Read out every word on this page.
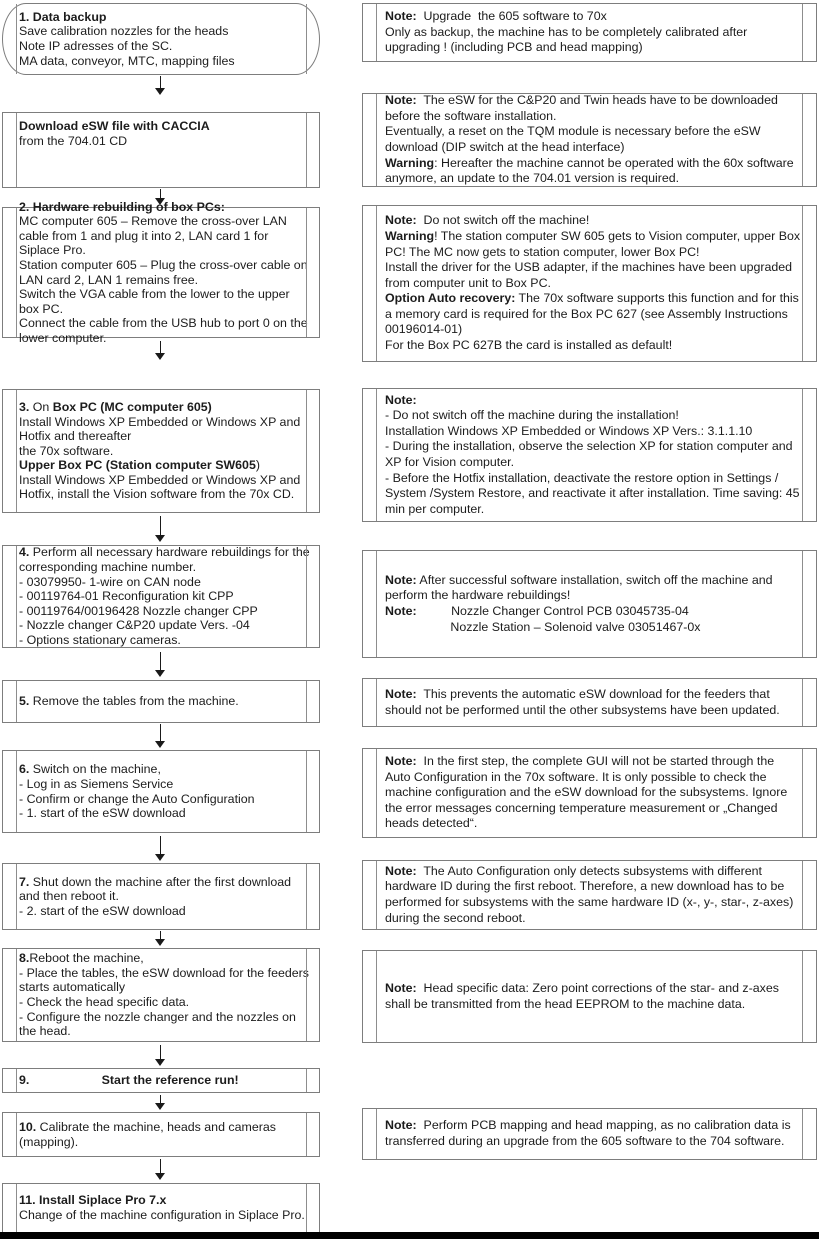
1. Data backup
Save calibration nozzles for the heads
Note IP adresses of the SC.
MA data, conveyor, MTC, mapping files
Download eSW file with CACCIA
from the 704.01 CD
2. Hardware rebuilding of box PCs:
MC computer 605 – Remove the cross-over LAN cable from 1 and plug it into 2, LAN card 1 for Siplace Pro.
Station computer 605 – Plug the cross-over cable on LAN card 2, LAN 1 remains free.
Switch the VGA cable from the lower to the upper box PC.
Connect the cable from the USB hub to port 0 on the lower computer.
3. On Box PC (MC computer 605)
Install Windows XP Embedded or Windows XP and Hotfix and thereafter
the 70x software.
Upper Box PC (Station computer SW605)
Install Windows XP Embedded or Windows XP and Hotfix, install the Vision software from the 70x CD.
4. Perform all necessary hardware rebuildings for the corresponding machine number.
- 03079950- 1-wire on CAN node
- 00119764-01 Reconfiguration kit CPP
- 00119764/00196428 Nozzle changer CPP
- Nozzle changer C&P20 update Vers. -04
- Options stationary cameras.
5. Remove the tables from the machine.
6. Switch on the machine,
- Log in as Siemens Service
- Confirm or change the Auto Configuration
- 1. start of the eSW download
7. Shut down the machine after the first download and then reboot it.
- 2. start of the eSW download
8.Reboot the machine,
- Place the tables, the eSW download for the feeders starts automatically
- Check the head specific data.
- Configure the nozzle changer and the nozzles on the head.
9.	Start the reference run!
10. Calibrate the machine, heads and cameras (mapping).
11. Install Siplace Pro 7.x
Change of the machine configuration in Siplace Pro.
Note:  Upgrade  the 605 software to 70x
Only as backup, the machine has to be completely calibrated after upgrading ! (including PCB and head mapping)
Note:  The eSW for the C&P20 and Twin heads have to be downloaded before the software installation.
Eventually, a reset on the TQM module is necessary before the eSW download (DIP switch at the head interface)
Warning: Hereafter the machine cannot be operated with the 60x software anymore, an update to the 704.01 version is required.
Note:  Do not switch off the machine!
Warning! The station computer SW 605 gets to Vision computer, upper Box PC! The MC now gets to station computer, lower Box PC!
Install the driver for the USB adapter, if the machines have been upgraded from computer unit to Box PC.
Option Auto recovery: The 70x software supports this function and for this a memory card is required for the Box PC 627 (see Assembly Instructions 00196014-01)
For the Box PC 627B the card is installed as default!
Note:
- Do not switch off the machine during the installation!
Installation Windows XP Embedded or Windows XP Vers.: 3.1.1.10
- During the installation, observe the selection XP for station computer and XP for Vision computer.
- Before the Hotfix installation, deactivate the restore option in Settings / System /System Restore, and reactivate it after installation. Time saving: 45 min per computer.
Note: After successful software installation, switch off the machine and perform the hardware rebuildings!
Note:          Nozzle Changer Control PCB 03045735-04
Nozzle Station – Solenoid valve 03051467-0x
Note:  This prevents the automatic eSW download for the feeders that should not be performed until the other subsystems have been updated.
Note:  In the first step, the complete GUI will not be started through the Auto Configuration in the 70x software. It is only possible to check the machine configuration and the eSW download for the subsystems. Ignore the error messages concerning temperature measurement or „Changed heads detected“.
Note:  The Auto Configuration only detects subsystems with different hardware ID during the first reboot. Therefore, a new download has to be performed for subsystems with the same hardware ID (x-, y-, star-, z-axes) during the second reboot.
Note:  Head specific data: Zero point corrections of the star- and z-axes shall be transmitted from the head EEPROM to the machine data.
Note:  Perform PCB mapping and head mapping, as no calibration data is transferred during an upgrade from the 605 software to the 704 software.
